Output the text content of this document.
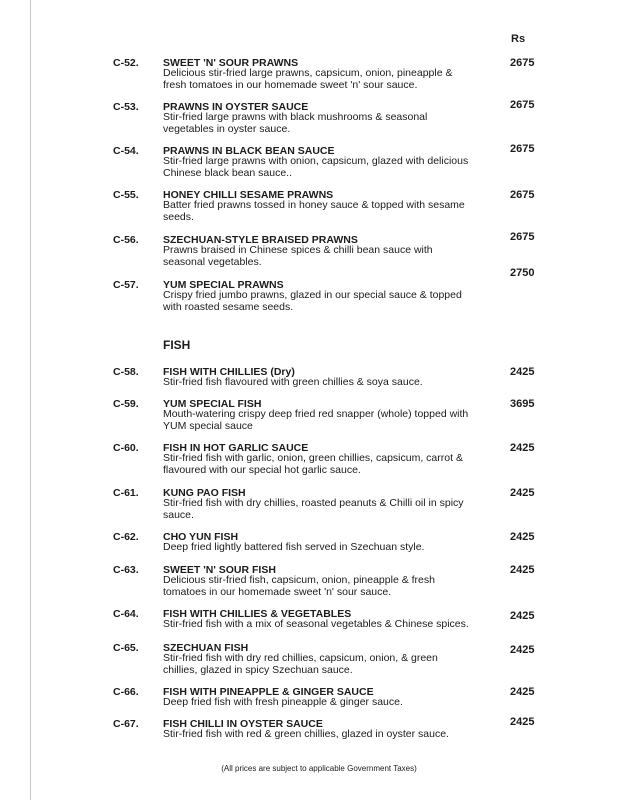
Rs
C-52. SWEET 'N' SOUR PRAWNS
Delicious stir-fried large prawns, capsicum, onion, pineapple & fresh tomatoes in our homemade sweet 'n' sour sauce.
2675
C-53. PRAWNS IN OYSTER SAUCE
Stir-fried large prawns with black mushrooms & seasonal vegetables in oyster sauce.
2675
C-54. PRAWNS IN BLACK BEAN SAUCE
Stir-fried large prawns with onion, capsicum, glazed with delicious Chinese black bean sauce..
2675
C-55. HONEY CHILLI SESAME PRAWNS
Batter fried prawns tossed in honey sauce & topped with sesame seeds.
2675
C-56. SZECHUAN-STYLE BRAISED PRAWNS
Prawns braised in Chinese spices & chilli bean sauce with seasonal vegetables.
2675
C-57. YUM SPECIAL PRAWNS
Crispy fried jumbo prawns, glazed in our special sauce & topped with roasted sesame seeds.
2750
FISH
C-58. FISH WITH CHILLIES (Dry)
Stir-fried fish flavoured with green chillies & soya sauce.
2425
C-59. YUM SPECIAL FISH
Mouth-watering crispy deep fried red snapper (whole) topped with YUM special sauce
3695
C-60. FISH IN HOT GARLIC SAUCE
Stir-fried fish with garlic, onion, green chillies, capsicum, carrot & flavoured with our special hot garlic sauce.
2425
C-61. KUNG PAO FISH
Stir-fried fish with dry chillies, roasted peanuts & Chilli oil in spicy sauce.
2425
C-62. CHO YUN FISH
Deep fried lightly battered fish served in Szechuan style.
2425
C-63. SWEET 'N' SOUR FISH
Delicious stir-fried fish, capsicum, onion, pineapple & fresh tomatoes in our homemade sweet 'n' sour sauce.
2425
C-64. FISH WITH CHILLIES & VEGETABLES
Stir-fried fish with a mix of seasonal vegetables & Chinese spices.
2425
C-65. SZECHUAN FISH
Stir-fried fish with dry red chillies, capsicum, onion, & green chillies, glazed in spicy Szechuan sauce.
2425
C-66. FISH WITH PINEAPPLE & GINGER SAUCE
Deep fried fish with fresh pineapple & ginger sauce.
2425
C-67. FISH CHILLI IN OYSTER SAUCE
Stir-fried fish with red & green chillies, glazed in oyster sauce.
2425
(All prices are subject to applicable Government Taxes)
